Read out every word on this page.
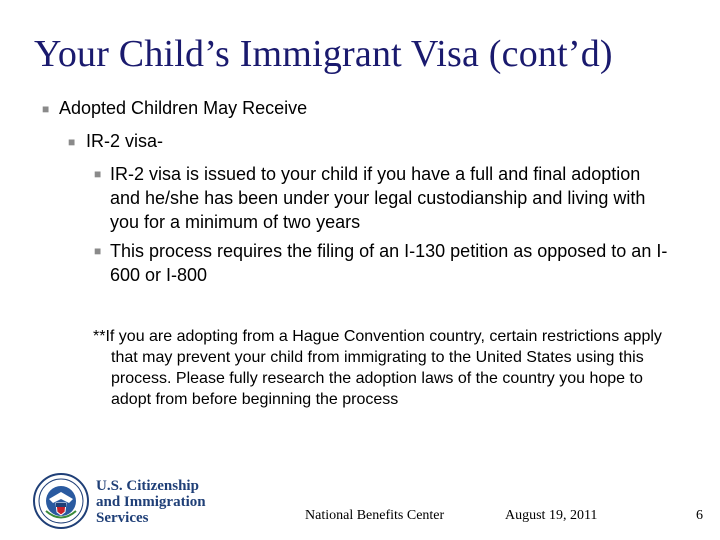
Your Child’s Immigrant Visa (cont’d)
■ Adopted Children May Receive
■ IR-2 visa-
■ IR-2 visa is issued to your child if you have a full and final adoption and he/she has been under your legal custodianship and living with you for a minimum of two years
■ This process requires the filing of an I-130 petition as opposed to an I-600 or I-800
**If you are adopting from a Hague Convention country, certain restrictions apply that may prevent your child from immigrating to the United States using this process. Please fully research the adoption laws of the country you hope to adopt from before beginning the process
U.S. Citizenship
and Immigration
Services	National Benefits Center	August 19, 2011	6
